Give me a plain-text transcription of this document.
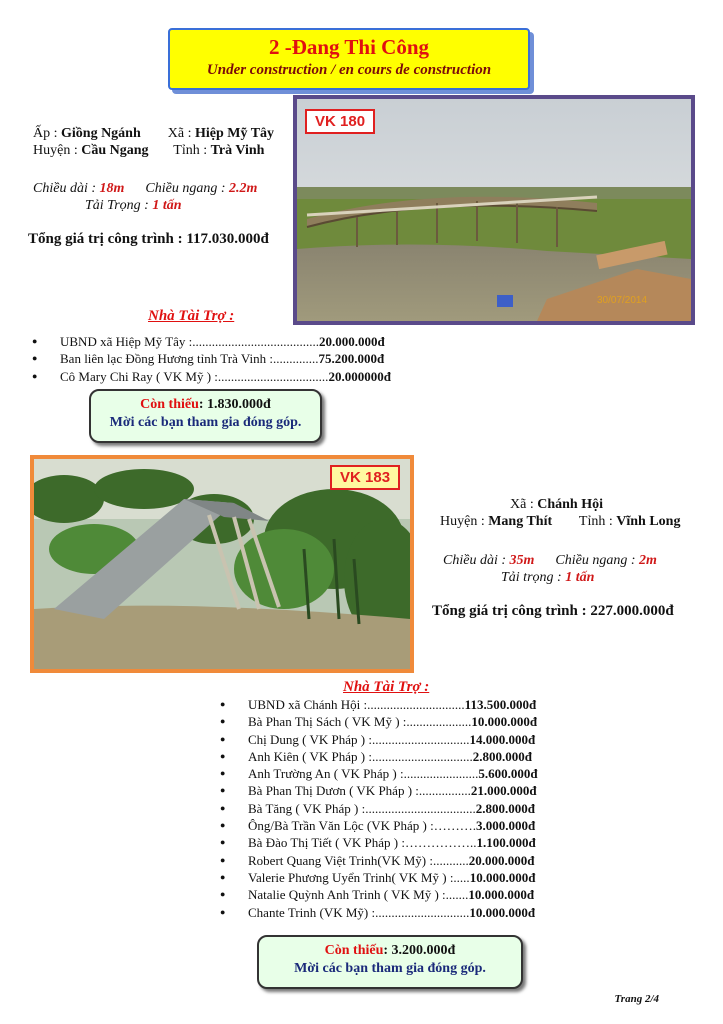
2 -Đang Thi Công
Under construction / en cours de construction
Ấp : Giồng Ngánh Xã : Hiệp Mỹ Tây
Huyện : Cầu Ngang Tỉnh : Trà Vinh
Chiều dài : 18m Chiều ngang : 2.2m
Tải Trọng : 1 tấn
Tổng giá trị công trình : 117.030.000đ
30/07/2014
VK 180
Nhà Tài Trợ :
● UBND xã Hiệp Mỹ Tây :.......................................20.000.000đ
● Ban liên lạc Đồng Hương tỉnh Trà Vinh :..............75.200.000đ
● Cô Mary Chi Ray ( VK Mỹ ) :..................................20.000000đ
Còn thiếu: 1.830.000đ
Mời các bạn tham gia đóng góp.
VK 183
Xã : Chánh Hội
Huyện : Mang Thít Tỉnh : Vĩnh Long
Chiều dài : 35m Chiều ngang : 2m
Tải trọng : 1 tấn
Tổng giá trị công trình : 227.000.000đ
Nhà Tài Trợ :
● UBND xã Chánh Hội :..............................113.500.000đ
● Bà Phan Thị Sách ( VK Mỹ ) :....................10.000.000đ
● Chị Dung ( VK Pháp ) :..............................14.000.000đ
● Anh Kiên ( VK Pháp ) :...............................2.800.000đ
● Anh Trường An ( VK Pháp ) :.......................5.600.000đ
● Bà Phan Thị Dươn ( VK Pháp ) :................21.000.000đ
● Bà Tăng ( VK Pháp ) :..................................2.800.000đ
● Ông/Bà Trần Văn Lộc (VK Pháp ) :……….3.000.000đ
● Bà Đào Thị Tiết ( VK Pháp ) :……………..1.100.000đ
● Robert Quang Việt Trinh(VK Mỹ) :...........20.000.000đ
● Valerie Phương Uyển Trinh( VK Mỹ ) :.....10.000.000đ
● Natalie Quỳnh Anh Trinh ( VK Mỹ ) :.......10.000.000đ
● Chante Trinh (VK Mỹ) :.............................10.000.000đ
Còn thiếu: 3.200.000đ
Mời các bạn tham gia đóng góp.
Trang 2/4
